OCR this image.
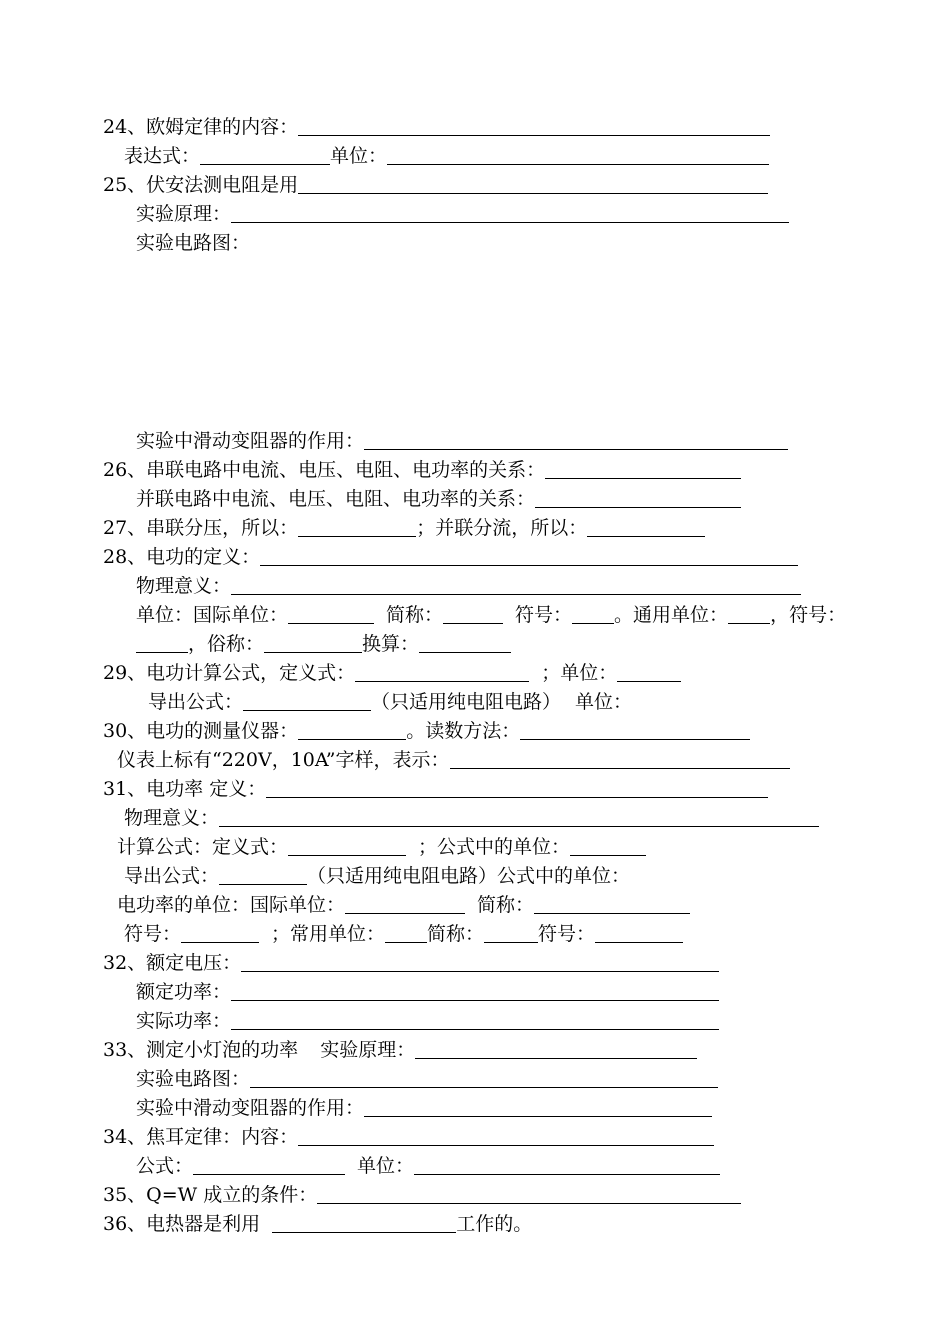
24、欧姆定律的内容：
表达式：	单位：
25、伏安法测电阻是用
实验原理：
实验电路图：
实验中滑动变阻器的作用：
26、串联电路中电流、电压、电阻、电功率的关系：
并联电路中电流、电压、电阻、电功率的关系：
27、串联分压，所以：	；并联分流，所以：
28、电功的定义：
物理意义：
单位：国际单位：	简称：	符号： 。通用单位： ，符号：
，俗称：	换算：
29、电功计算公式，定义式：	；单位：
导出公式：	（只适用纯电阻电路） 单位：
30、电功的测量仪器：	。读数方法：
仪表上标有“220V，10A”字样，表示：
31、电功率 定义：
物理意义：
计算公式：定义式：	；公式中的单位：
导出公式：	（只适用纯电阻电路）公式中的单位：
电功率的单位：国际单位：	简称：
符号：	；常用单位： 简称：	符号：
32、额定电压：
额定功率：
实际功率：
33、测定小灯泡的功率 实验原理：
实验电路图：
实验中滑动变阻器的作用：
34、焦耳定律：内容：
公式：	单位：
35、Q=W 成立的条件：
36、电热器是利用	工作的。
